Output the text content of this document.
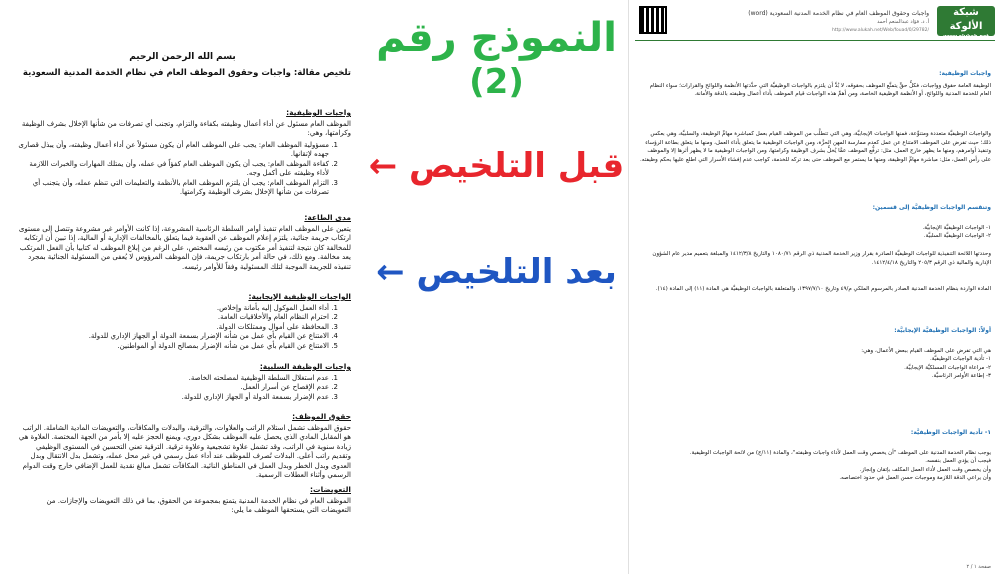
بسم الله الرحمن الرحيم
تلخيص مقالة: واجبات وحقوق الموظف العام في نظام الخدمة المدنية السعودية
واجبات الوظيفية:

الموظف العام مسئول عن أداء أعمال وظيفته بكفاءة والتزام، وتجنب أي تصرفات من شأنها الإخلال بشرف الوظيفة وكرامتها، وهي:

1. مسؤولية الموظف العام: يجب على الموظف العام أن يكون مسئولاً عن أداء أعمال وظيفته، وأن يبذل قصارى جهده لإتقانها.
2. كفاءة الموظف العام: يجب أن يكون الموظف العام كفؤاً في عمله، وأن يمتلك المهارات والخبرات اللازمة لأداء وظيفته على أكمل وجه.
3. التزام الموظف العام: يجب أن يلتزم الموظف العام بالأنظمة والتعليمات التي تنظم عمله، وأن يتجنب أي تصرفات من شأنها الإخلال بشرف الوظيفة وكرامتها.
مدى الطاعة:

يتعين على الموظف العام تنفيذ أوامر السلطة الرئاسية المشروعة، إذا كانت الأوامر غير مشروعة وتتصل إلى مستوى ارتكاب جريمة جنائية، يلتزم إعلام الموظف عن العقوبة فيما يتعلق بالمخالفات الإدارية أو المالية، إذا تبين أن ارتكابه للمخالفة كان نتيجة لتنفيذ أمر مكتوب من رئيسه المختص، على الرغم من إبلاغ الموظف له كتابيا بأن الفعل المرتكب يعد مخالفة. ومع ذلك، في حالة أمر بارتكاب جريمة، فإن الموظف المرؤوس لا يُعفى من المسئولية الجنائية بمجرد تنفيذه للجريمة الموجبة لتلك المسئولية وفقاً للأوامر رئيسه.

الواجبات الوظيفية الإيجابية:
1. أداء العمل الموكول إليه بأمانة وإخلاص.
2. احترام النظام العام والأخلاقيات العامة.
3. المحافظة على أموال وممتلكات الدولة.
4. الامتناع عن القيام بأي عمل من شأنه الإضرار بسمعة الدولة أو الجهاز الإداري للدولة.
5. الامتناع عن القيام بأي عمل من شأنه الإضرار بمصالح الدولة أو المواطنين.
واجبات الوظيفة السلبية:
1. عدم استغلال السلطة الوظيفية لمصلحته الخاصة.
2. عدم الإفصاح عن أسرار العمل.
3. عدم الإضرار بسمعة الدولة أو الجهاز الإداري للدولة.
حقوق الموظف:

حقوق الموظف تشمل استلام الراتب والعلاوات، والترقية، والبدلات والمكافآت، والتعويضات المادية الشاملة. الراتب هو المقابل المادي الذي يحصل عليه الموظف بشكل دوري، ويمنع الحجز عليه إلا بأمر من الجهة المختصة. العلاوة هي زيادة سنوية في الراتب، وقد تشمل علاوة تشجيعية وعلاوة ترقية. الترقية تعني التحسين في المستوى الوظيفي وتقديم راتب أعلى. البدلات تُصرف للموظف عند أداء عمل رسمي في غير محل عمله، وتشمل بدل الانتقال وبدل العدوى وبدل الخطر وبدل العمل في المناطق النائية. المكافآت تشمل مبالغ نقدية للعمل الإضافي خارج وقت الدوام الرسمي وأثناء العطلات الرسمية.

التعويضات:

الموظف العام في نظام الخدمة المدنية يتمتع بمجموعة من الحقوق، بما في ذلك التعويضات والإجازات. من التعويضات التي يستحقها الموظف ما يلي:

النموذج رقم
(2)
قبل التلخيص ←
بعد التلخيص ←
واجبات وحقوق الموظف العام في نظام الخدمة المدنية السعودية (word)
أ. د. فؤاد عبدالمنعم أحمد
http://www.alukah.net/Web/fouad/0/29782/
شبكة الألوكة
www.alukah.net
واجبات الوظيفية:

الوظيفة العامة حقوق وواجبات، فكلُّ حقٍّ يتمتَّع الموظف بحقوقه، لا بُدَّ أن يلتزم بالواجبات الوظيفيَّة التي حدَّدتها الأنظمة واللوائح والقرارات؛ سواء النظام العام للخدمة المدنية واللوائح، أو الأنظمة الوظيفية الخاصة، ومن أهمِّ هذه الواجبات قيام الموظف بأداء أعمال وظيفته بالدقة والأمانة.

والواجبات الوظيفيَّة متعددة ومتنوِّعة، فمنها الواجبات الإيجابيَّة، وهي التي تتطلَّب من الموظف القيام بعمل كمباشرة مهامِّ الوظيفة، والسلبيَّة، وهي بعكس ذلك؛ حيث تفرض على الموظف الامتناع عن عمل كعدم ممارسة المهن الحرَّة، ومن الواجبات الوظيفية ما يتعلق بأداء العمل، ومنها ما يتعلق بطاعة الرؤساء وتنفيذ أوامرهم، ومنها ما يظهر خارج العمل، مثل: ترفُّع الموظف عمَّا يُخلُّ بشرف الوظيفة وكرامتها، ومن الواجبات الوظيفية ما لا يظهر أثرها إلا والموظف على رأس العمل، مثل: مباشرة مهامِّ الوظيفة، ومنها ما يستمر مع الموظف حتى بعد تركه للخدمة، كواجب عدم إفشاء الأسرار التي اطلع عليها بحكم وظيفته.

وتنقسم الواجبات الوظيفيَّة إلى قسمين:

١- الواجبات الوظيفيَّة الإيجابيَّة.
٢- الواجبات الوظيفيَّة السلبيَّة.

وحددتها اللائحة التنفيذية للواجبات الوظيفيَّة الصادرة بقرار وزير الخدمة المدنية ذي الرقم ١٠٨٠/٧١ والتاريخ ١٤١٢/٣/٨ والمبلغة بتعميم مدير عام الشؤون الإدارية والمالية ذي الرقم ٢٠٥/٣ والتاريخ ١٤١٢/٤/١٨.

المادة الواردة بنظام الخدمة المدنية الصادر بالمرسوم الملكي م/٤٩ وتاريخ ١٣٩٧/٧/١٠، والمتعلقة بالواجبات الوظيفيَّة هي المادة (١١) إلى المادة (١٤).

أولاً: الواجبات الوظيفيَّة الإيجابيَّة:

هي التي تفرض على الموظف القيام ببعض الأعمال، وهي:
١- تأدية الواجبات الوظيفيَّة.
٢- مراعاة الواجبات المسلكيَّة الإيجابيَّة.
٣- إطاعة الأوامر الرئاسيَّة.

١- تأدية الواجبات الوظيفيَّة:

يوجب نظام الخدمة المدنية على الموظف "أن يخصص وقت العمل لأداء واجبات وظيفته"، والمادة (١١/ج) من لائحة الواجبات الوظيفية.
فيجب أن يؤدي العمل بنفسه.
وأن يخصص وقت العمل لأداء العمل المكلف بإتقان وإنجاز.
وأن يراعي الدقة اللازمة وموجبات حسن العمل في حدود اختصاصه.

صفحة ١ / ٢
